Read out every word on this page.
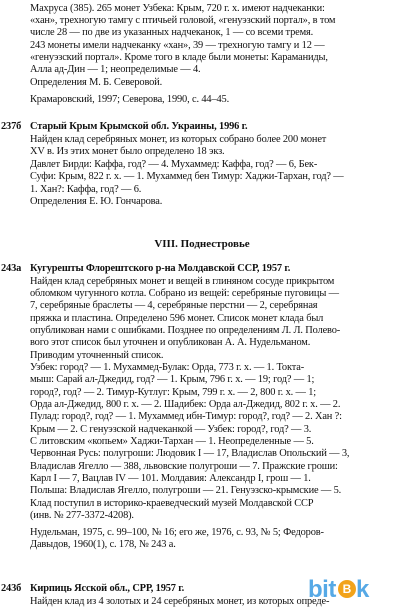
Махруса (385). 265 монет Узбека: Крым, 720 г. х. имеют надчеканки:
«хан», трехногую тамгу с птичьей головой, «генуэзский портал», в том
числе 28 — по две из указанных надчеканок, 1 — со всеми тремя.
243 монеты имели надчеканку «хан», 39 — трехногую тамгу и 12 —
«генуэзский портал». Кроме того в кладе были монеты: Караманиды,
Алла ад-Дин — 1; неопределимые — 4.
Определения М. Б. Северовой.
Крамаровский, 1997; Северова, 1990, с. 44–45.
237б Старый Крым Крымской обл. Украины, 1996 г.
Найден клад серебряных монет, из которых собрано более 200 монет
XV в. Из этих монет было определено 18 экз.
Давлет Бирди: Каффа, год? — 4. Мухаммед: Каффа, год? — 6, Бек-
Суфи: Крым, 822 г. х. — 1. Мухаммед бен Тимур: Хаджи-Тархан, год? —
1. Хан?: Каффа, год? — 6.
Определения Е. Ю. Гончарова.
VIII. Поднестровье
243а Кугурешты Флорештского р-на Молдавской ССР, 1957 г.
Найден клад серебряных монет и вещей в глиняном сосуде прикрытом
обломком чугунного котла. Собрано из вещей: серебряные пуговицы —
7, серебряные браслеты — 4, серебряные перстни — 2, серебряная
пряжка и пластина. Определено 596 монет. Список монет клада был
опубликован нами с ошибками. Позднее по определениям Л. Л. Полево-
вого этот список был уточнен и опубликован А. А. Нудельманом.
Приводим уточненный список.
Узбек: город? — 1. Мухаммед-Булак: Орда, 773 г. х. — 1. Токта-
мыш: Сарай ал-Джедид, год? — 1. Крым, 796 г. х. — 19; год? — 1;
город?, год? — 2. Тимур-Кутлуг: Крым, 799 г. х. — 2, 800 г. х. — 1;
Орда ал-Джедид, 800 г. х. — 2. Шадибек: Орда ал-Джедид, 802 г. х. — 2.
Пулад: город?, год? — 1. Мухаммед ибн-Тимур: город?, год? — 2. Хан ?:
Крым — 2. С генуэзской надчеканкой — Узбек: город?, год? — 3.
С литовским «копьем» Хаджи-Тархан — 1. Неопределенные — 5.
Червонная Русь: полугроши: Людовик I — 17, Владислав Опольский — 3,
Владислав Ягелло — 388, львовские полугроши — 7. Пражские гроши:
Карл I — 7, Вацлав IV — 101. Молдавия: Александр I, грош — 1.
Польша: Владислав Ягелло, полугроши — 21. Генуэзско-крымские — 5.
Клад поступил в историко-краеведческий музей Молдавской ССР
(инв. № 277-3372-4208).
Нудельман, 1975, с. 99–100, № 16; его же, 1976, с. 93, № 5; Федоров-
Давыдов, 1960(1), с. 178, № 243 а.
243б Кирпиць Ясской обл., СРР, 1957 г.
Найден клад из 4 золотых и 24 серебряных монет, из которых опреде-
bit B k
